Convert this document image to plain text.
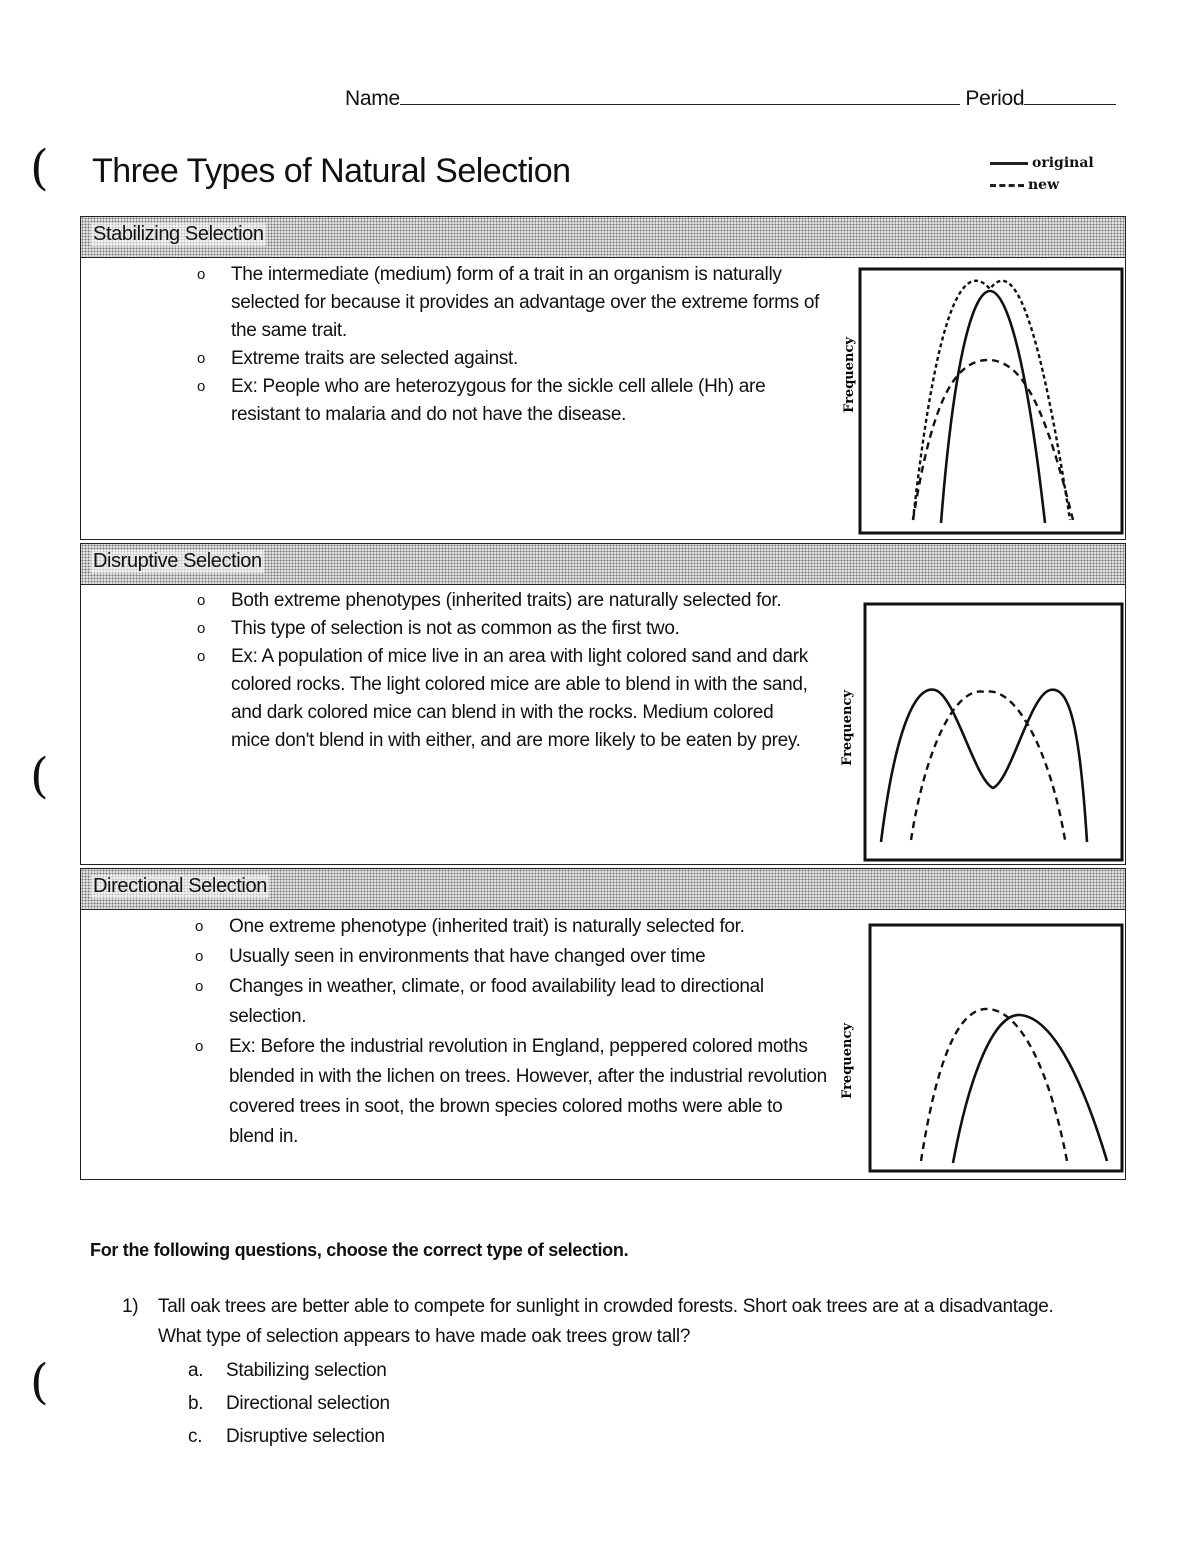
(
(
(
Name	Period
Three Types of Natural Selection	original
new
Stabilizing Selection
o The intermediate (medium) form of a trait in an organism is naturally selected for because it provides an advantage over the extreme forms of the same trait.
o Extreme traits are selected against.
o Ex: People who are heterozygous for the sickle cell allele (Hh) are resistant to malaria and do not have the disease.
Frequency
Disruptive Selection
o Both extreme phenotypes (inherited traits) are naturally selected for.
o This type of selection is not as common as the first two.
o Ex: A population of mice live in an area with light colored sand and dark colored rocks. The light colored mice are able to blend in with the sand, and dark colored mice can blend in with the rocks. Medium colored mice don't blend in with either, and are more likely to be eaten by prey.	Frequency
Directional Selection
o One extreme phenotype (inherited trait) is naturally selected for.
o Usually seen in environments that have changed over time
o Changes in weather, climate, or food availability lead to directional selection.
o Ex: Before the industrial revolution in England, peppered colored moths blended in with the lichen on trees. However, after the industrial revolution covered trees in soot, the brown species colored moths were able to blend in.
Frequency
For the following questions, choose the correct type of selection.
1) Tall oak trees are better able to compete for sunlight in crowded forests. Short oak trees are at a disadvantage. What type of selection appears to have made oak trees grow tall?
a. Stabilizing selection
b. Directional selection
c. Disruptive selection
